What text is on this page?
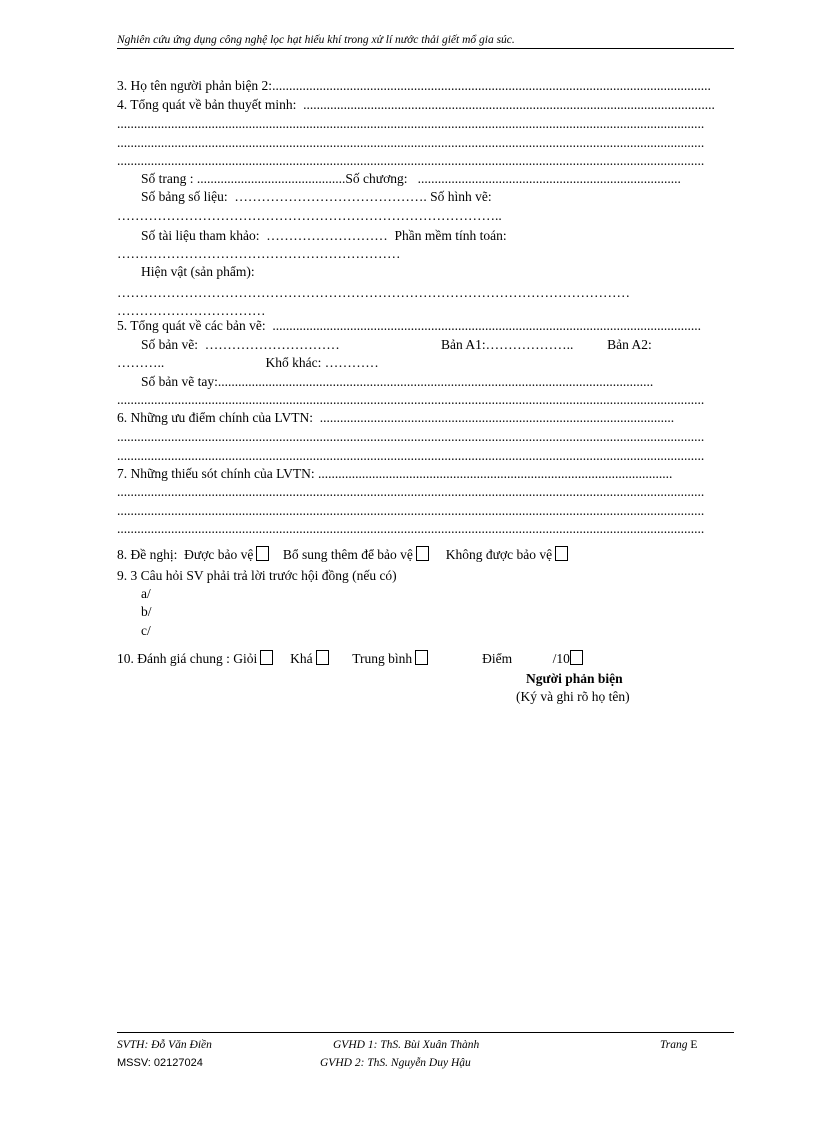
Nghiên cứu ứng dụng công nghệ lọc hạt hiếu khí trong xử lí nước thải giết mổ gia súc.
3. Họ tên người phản biện 2:..................................................................................................................................
4. Tổng quát về bản thuyết minh:  ..........................................................................................................................
..............................................................................................................................................................................
..............................................................................................................................................................................
..............................................................................................................................................................................
Số trang : ............................................Số chương:   ..............................................................................
Số bảng số liệu:  ……………………………………. Số hình vẽ:
…………………………………………………………………………..
Số tài liệu tham khảo:  ………………………  Phần mềm tính toán:
………………………………………………………
Hiện vật (sản phẩm):
……………………………………………………………………………………………………
……………………………
5. Tổng quát về các bản vẽ:  ...............................................................................................................................
Số bản vẽ:  …………………………                              Bản A1:………………..          Bản A2:
………..                              Khổ khác: …………
Số bản vẽ tay:.................................................................................................................................
..............................................................................................................................................................................
6. Những ưu điểm chính của LVTN:  .........................................................................................................
..............................................................................................................................................................................
..............................................................................................................................................................................
7. Những thiếu sót chính của LVTN: .........................................................................................................
..............................................................................................................................................................................
..............................................................................................................................................................................
..............................................................................................................................................................................
8. Đề nghị: Được bảo vệ Bổ sung thêm để bảo vệ Không được bảo vệ
9. 3 Câu hỏi SV phải trả lời trước hội đồng (nếu có)
a/
b/
c/
10. Đánh giá chung : Giỏi Khá	Trung bình	Điểm	/10
Người phản biện
(Ký và ghi rõ họ tên)
SVTH: Đỗ Văn Điền
MSSV: 02127024
GVHD 1: ThS. Bùi Xuân Thành
GVHD 2: ThS. Nguyễn Duy Hậu
Trang E
